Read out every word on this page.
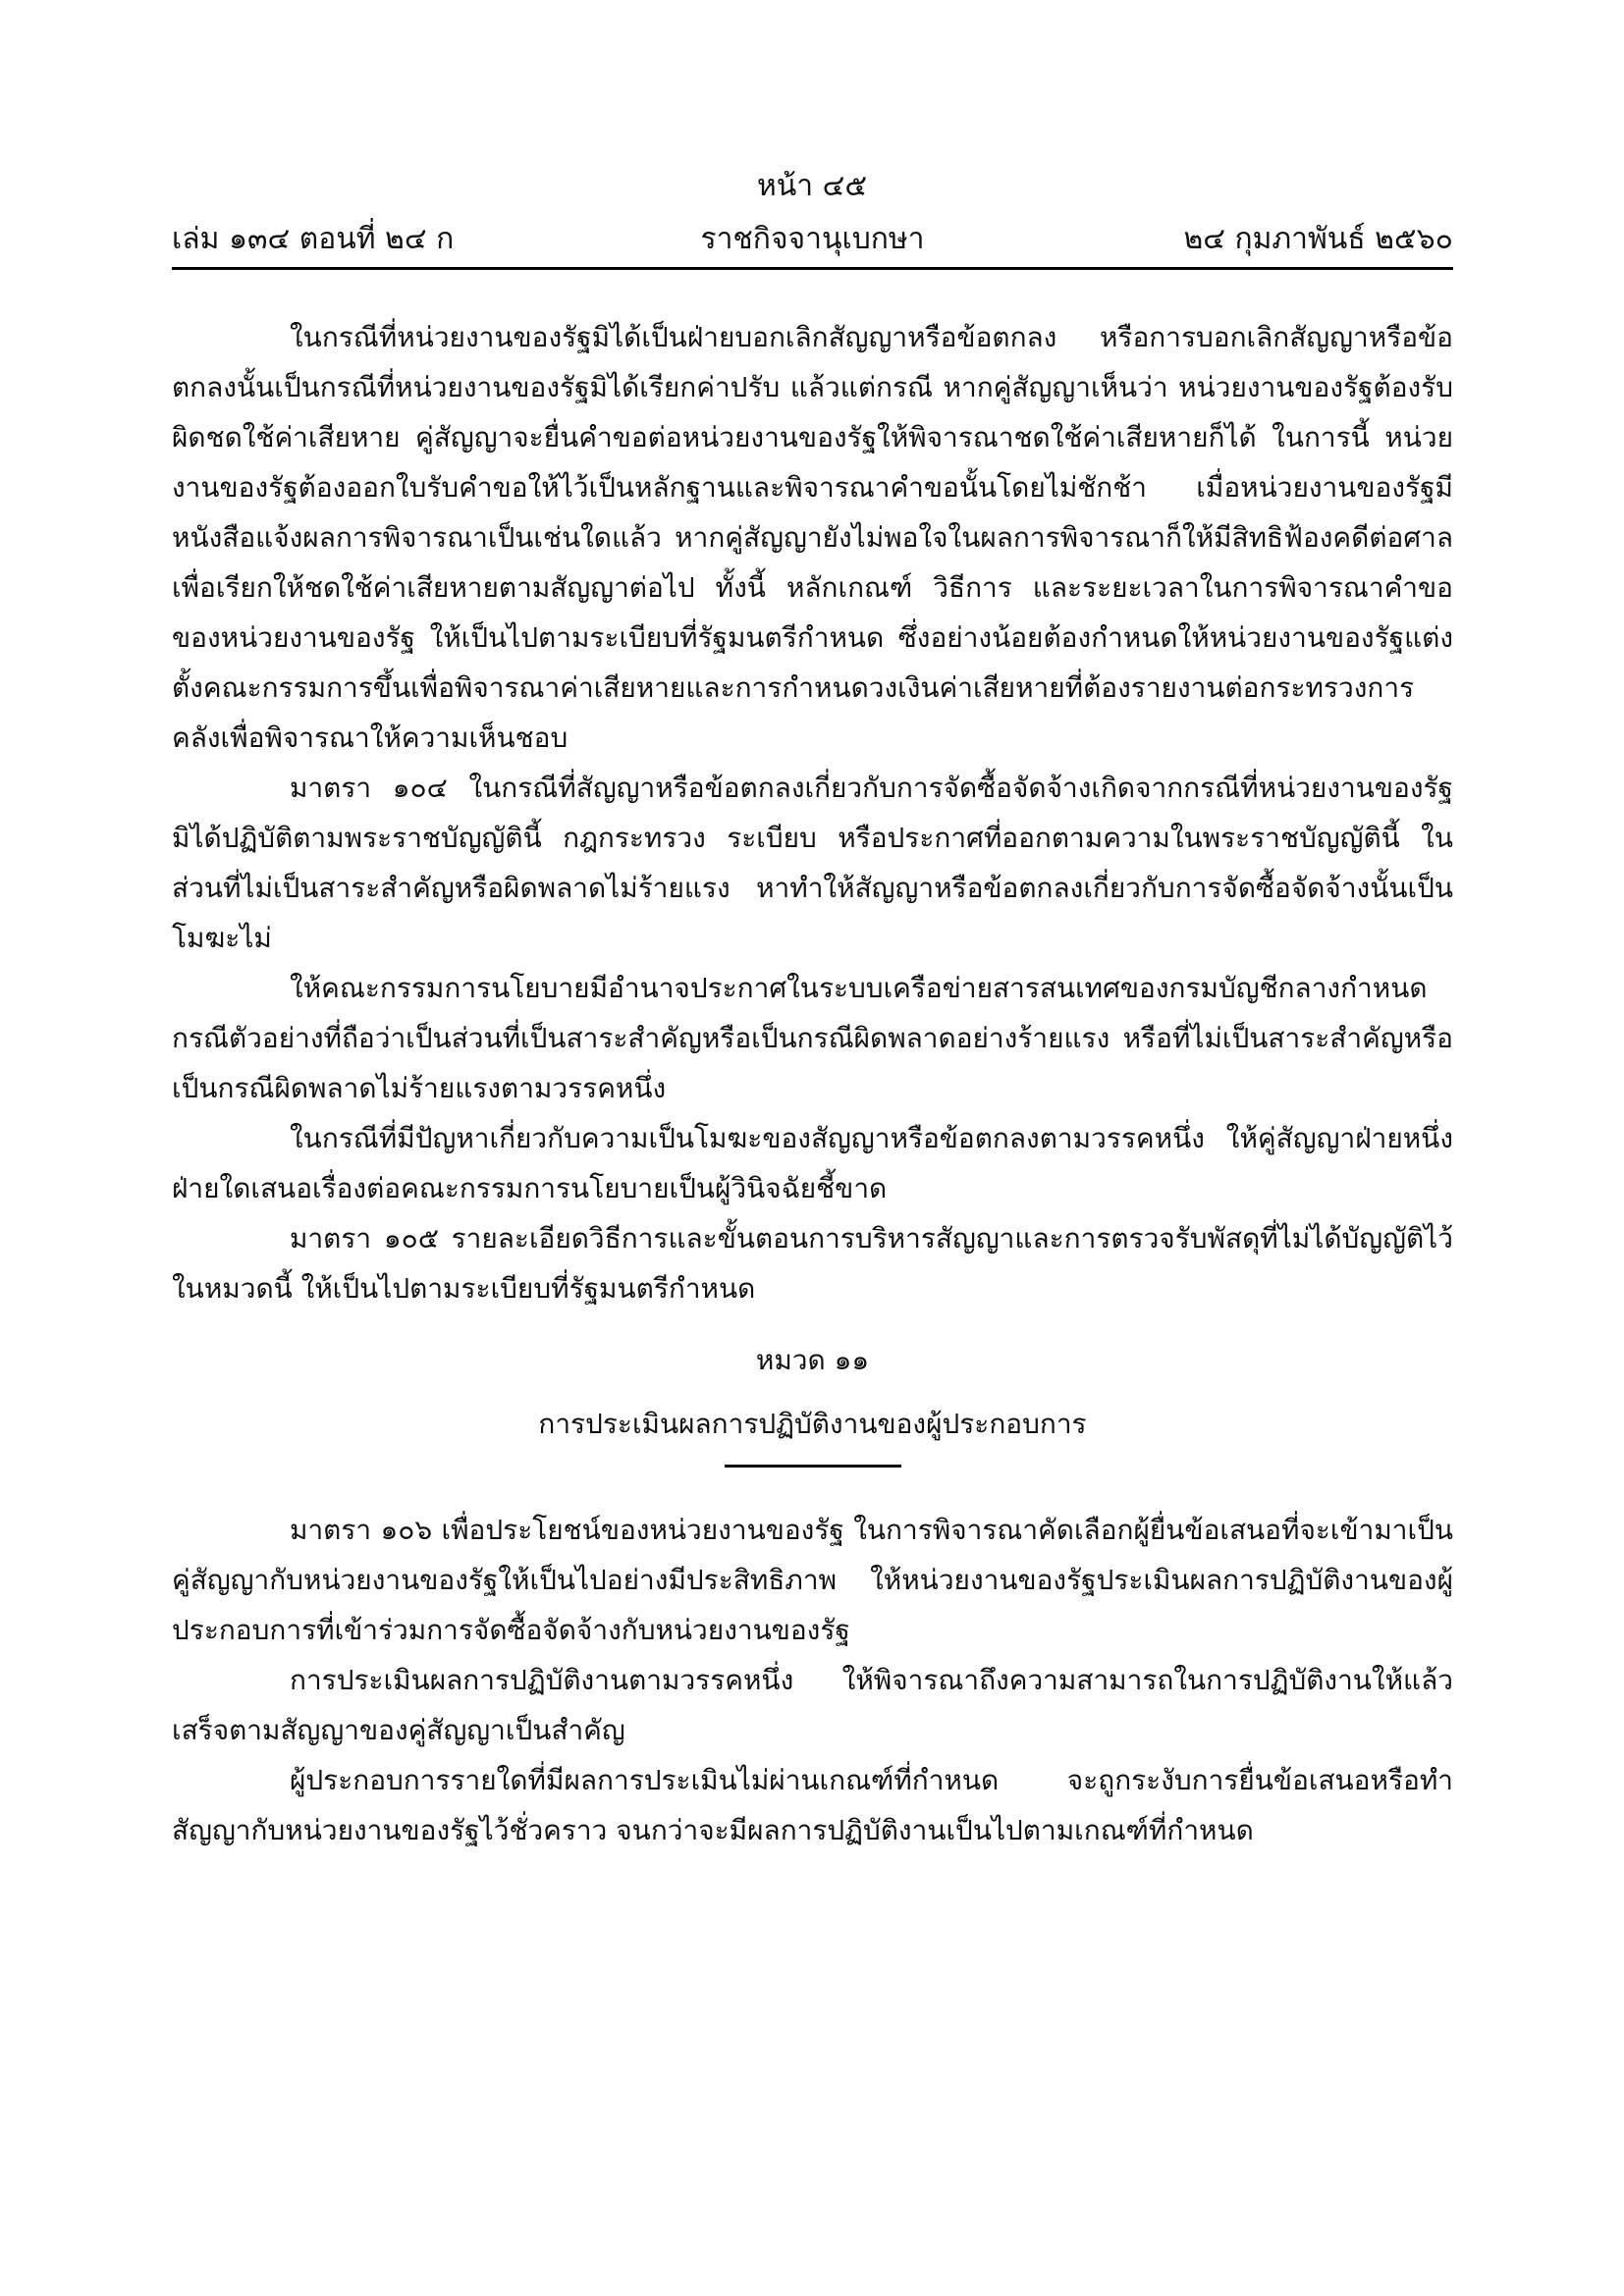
หน้า ๔๕
ราชกิจจานุเบกษา
เล่ม ๑๓๔ ตอนที่ ๒๔ ก	๒๔ กุมภาพันธ์ ๒๕๖๐

ในกรณีที่หน่วยงานของรัฐมิได้เป็นฝ่ายบอกเลิกสัญญาหรือข้อตกลง หรือการบอกเลิกสัญญาหรือข้อตกลงนั้นเป็นกรณีที่หน่วยงานของรัฐมิได้เรียกค่าปรับ แล้วแต่กรณี หากคู่สัญญาเห็นว่า หน่วยงานของรัฐต้องรับผิดชดใช้ค่าเสียหาย คู่สัญญาจะยื่นคำขอต่อหน่วยงานของรัฐให้พิจารณาชดใช้ค่าเสียหายก็ได้ ในการนี้ หน่วยงานของรัฐต้องออกใบรับคำขอให้ไว้เป็นหลักฐานและพิจารณาคำขอนั้นโดยไม่ชักช้า เมื่อหน่วยงานของรัฐมีหนังสือแจ้งผลการพิจารณาเป็นเช่นใดแล้ว หากคู่สัญญายังไม่พอใจในผลการพิจารณาก็ให้มีสิทธิฟ้องคดีต่อศาลเพื่อเรียกให้ชดใช้ค่าเสียหายตามสัญญาต่อไป ทั้งนี้ หลักเกณฑ์ วิธีการ และระยะเวลาในการพิจารณาคำขอของหน่วยงานของรัฐ ให้เป็นไปตามระเบียบที่รัฐมนตรีกำหนด ซึ่งอย่างน้อยต้องกำหนดให้หน่วยงานของรัฐแต่งตั้งคณะกรรมการขึ้นเพื่อพิจารณาค่าเสียหายและการกำหนดวงเงินค่าเสียหายที่ต้องรายงานต่อกระทรวงการคลังเพื่อพิจารณาให้ความเห็นชอบ

มาตรา ๑๐๔ ในกรณีที่สัญญาหรือข้อตกลงเกี่ยวกับการจัดซื้อจัดจ้างเกิดจากกรณีที่หน่วยงานของรัฐมิได้ปฏิบัติตามพระราชบัญญัตินี้ กฎกระทรวง ระเบียบ หรือประกาศที่ออกตามความในพระราชบัญญัตินี้ ในส่วนที่ไม่เป็นสาระสำคัญหรือผิดพลาดไม่ร้ายแรง หาทำให้สัญญาหรือข้อตกลงเกี่ยวกับการจัดซื้อจัดจ้างนั้นเป็นโมฆะไม่

ให้คณะกรรมการนโยบายมีอำนาจประกาศในระบบเครือข่ายสารสนเทศของกรมบัญชีกลางกำหนดกรณีตัวอย่างที่ถือว่าเป็นส่วนที่เป็นสาระสำคัญหรือเป็นกรณีผิดพลาดอย่างร้ายแรง หรือที่ไม่เป็นสาระสำคัญหรือเป็นกรณีผิดพลาดไม่ร้ายแรงตามวรรคหนึ่ง

ในกรณีที่มีปัญหาเกี่ยวกับความเป็นโมฆะของสัญญาหรือข้อตกลงตามวรรคหนึ่ง ให้คู่สัญญาฝ่ายหนึ่งฝ่ายใดเสนอเรื่องต่อคณะกรรมการนโยบายเป็นผู้วินิจฉัยชี้ขาด

มาตรา ๑๐๕ รายละเอียดวิธีการและขั้นตอนการบริหารสัญญาและการตรวจรับพัสดุที่ไม่ได้บัญญัติไว้ในหมวดนี้ ให้เป็นไปตามระเบียบที่รัฐมนตรีกำหนด

หมวด ๑๑
การประเมินผลการปฏิบัติงานของผู้ประกอบการ

มาตรา ๑๐๖ เพื่อประโยชน์ของหน่วยงานของรัฐ ในการพิจารณาคัดเลือกผู้ยื่นข้อเสนอที่จะเข้ามาเป็นคู่สัญญากับหน่วยงานของรัฐให้เป็นไปอย่างมีประสิทธิภาพ ให้หน่วยงานของรัฐประเมินผลการปฏิบัติงานของผู้ประกอบการที่เข้าร่วมการจัดซื้อจัดจ้างกับหน่วยงานของรัฐ

การประเมินผลการปฏิบัติงานตามวรรคหนึ่ง ให้พิจารณาถึงความสามารถในการปฏิบัติงานให้แล้วเสร็จตามสัญญาของคู่สัญญาเป็นสำคัญ

ผู้ประกอบการรายใดที่มีผลการประเมินไม่ผ่านเกณฑ์ที่กำหนด จะถูกระงับการยื่นข้อเสนอหรือทำสัญญากับหน่วยงานของรัฐไว้ชั่วคราว จนกว่าจะมีผลการปฏิบัติงานเป็นไปตามเกณฑ์ที่กำหนด
